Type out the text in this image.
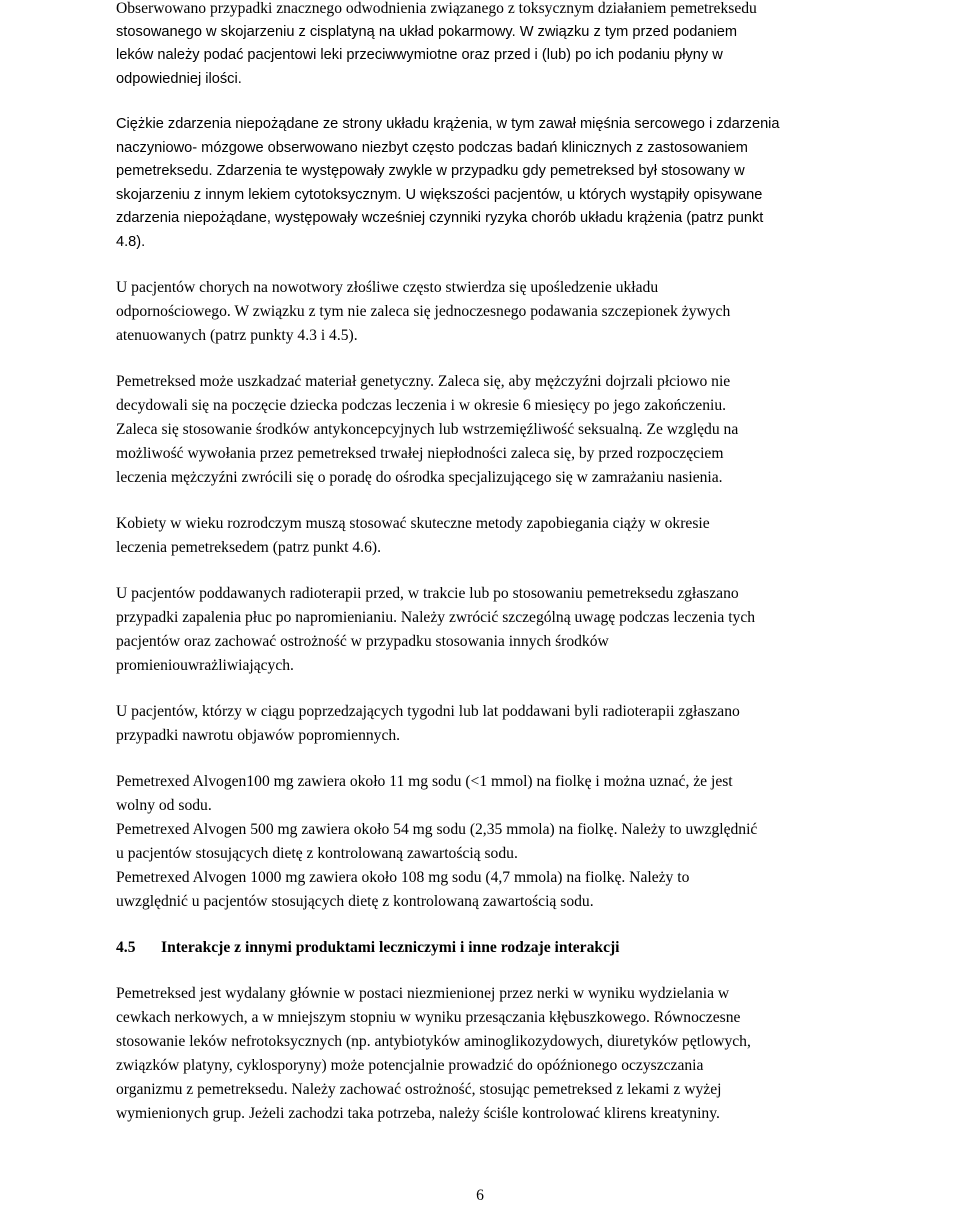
Obserwowano przypadki znacznego odwodnienia związanego z toksycznym działaniem pemetreksedu
stosowanego w skojarzeniu z cisplatyną na układ pokarmowy. W związku z tym przed podaniem
leków należy podać pacjentowi leki przeciwwymiotne oraz przed i (lub) po ich podaniu płyny w
odpowiedniej ilości.

Ciężkie zdarzenia niepożądane ze strony układu krążenia, w tym zawał mięśnia sercowego i zdarzenia
naczyniowo- mózgowe obserwowano niezbyt często podczas badań klinicznych z zastosowaniem
pemetreksedu. Zdarzenia te występowały zwykle w przypadku gdy pemetreksed był stosowany w
skojarzeniu z innym lekiem cytotoksycznym. U większości pacjentów, u których wystąpiły opisywane
zdarzenia niepożądane, występowały wcześniej czynniki ryzyka chorób układu krążenia (patrz punkt
4.8).

U pacjentów chorych na nowotwory złośliwe często stwierdza się upośledzenie układu
odpornościowego. W związku z tym nie zaleca się jednoczesnego podawania szczepionek żywych
atenuowanych (patrz punkty 4.3 i 4.5).

Pemetreksed może uszkadzać materiał genetyczny. Zaleca się, aby mężczyźni dojrzali płciowo nie
decydowali się na poczęcie dziecka podczas leczenia i w okresie 6 miesięcy po jego zakończeniu.
Zaleca się stosowanie środków antykoncepcyjnych lub wstrzemięźliwość seksualną. Ze względu na
możliwość wywołania przez pemetreksed trwałej niepłodności zaleca się, by przed rozpoczęciem
leczenia mężczyźni zwrócili się o poradę do ośrodka specjalizującego się w zamrażaniu nasienia.

Kobiety w wieku rozrodczym muszą stosować skuteczne metody zapobiegania ciąży w okresie
leczenia pemetreksedem (patrz punkt 4.6).

U pacjentów poddawanych radioterapii przed, w trakcie lub po stosowaniu pemetreksedu zgłaszano
przypadki zapalenia płuc po napromienianiu. Należy zwrócić szczególną uwagę podczas leczenia tych
pacjentów oraz zachować ostrożność w przypadku stosowania innych środków
promieniouwrażliwiających.

U pacjentów, którzy w ciągu poprzedzających tygodni lub lat poddawani byli radioterapii zgłaszano
przypadki nawrotu objawów popromiennych.

Pemetrexed Alvogen100 mg zawiera około 11 mg sodu (<1 mmol) na fiolkę i można uznać, że jest
wolny od sodu.
Pemetrexed Alvogen 500 mg zawiera około 54 mg sodu (2,35 mmola) na fiolkę. Należy to uwzględnić
u pacjentów stosujących dietę z kontrolowaną zawartością sodu.
Pemetrexed Alvogen 1000 mg zawiera około 108 mg sodu (4,7 mmola) na fiolkę. Należy to
uwzględnić u pacjentów stosujących dietę z kontrolowaną zawartością sodu.

4.5 Interakcje z innymi produktami leczniczymi i inne rodzaje interakcji

Pemetreksed jest wydalany głównie w postaci niezmienionej przez nerki w wyniku wydzielania w
cewkach nerkowych, a w mniejszym stopniu w wyniku przesączania kłębuszkowego. Równoczesne
stosowanie leków nefrotoksycznych (np. antybiotyków aminoglikozydowych, diuretyków pętlowych,
związków platyny, cyklosporyny) może potencjalnie prowadzić do opóźnionego oczyszczania
organizmu z pemetreksedu. Należy zachować ostrożność, stosując pemetreksed z lekami z wyżej
wymienionych grup. Jeżeli zachodzi taka potrzeba, należy ściśle kontrolować klirens kreatyniny.

6
